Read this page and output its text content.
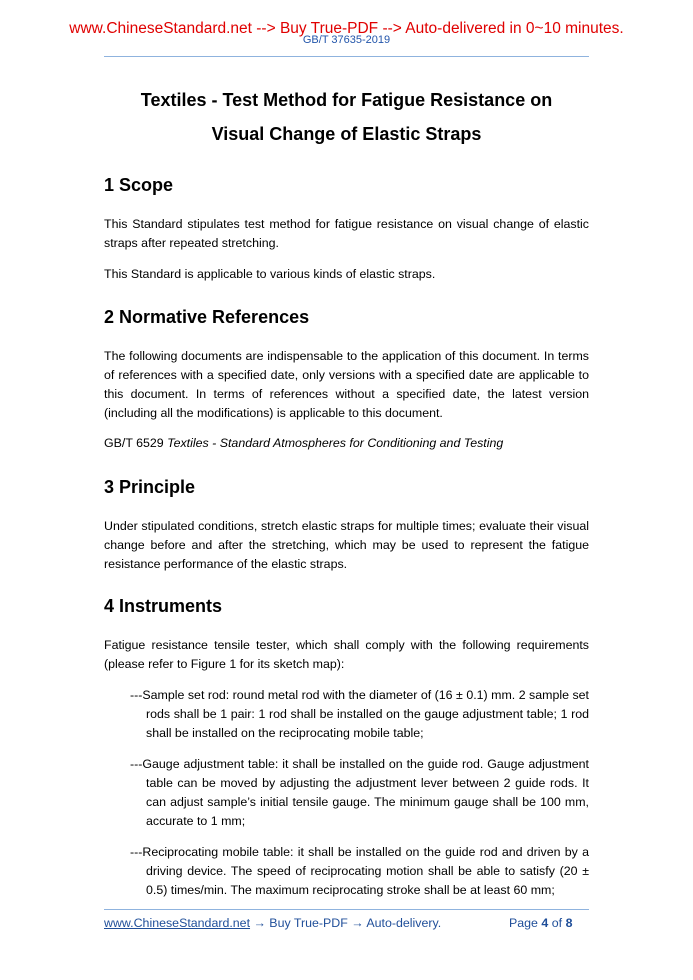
www.ChineseStandard.net --> Buy True-PDF --> Auto-delivered in 0~10 minutes.
GB/T 37635-2019
Textiles - Test Method for Fatigue Resistance on
Visual Change of Elastic Straps
1 Scope

This Standard stipulates test method for fatigue resistance on visual change of elastic straps after repeated stretching.

This Standard is applicable to various kinds of elastic straps.

2 Normative References

The following documents are indispensable to the application of this document. In terms of references with a specified date, only versions with a specified date are applicable to this document. In terms of references without a specified date, the latest version (including all the modifications) is applicable to this document.

GB/T 6529 Textiles - Standard Atmospheres for Conditioning and Testing

3 Principle

Under stipulated conditions, stretch elastic straps for multiple times; evaluate their visual change before and after the stretching, which may be used to represent the fatigue resistance performance of the elastic straps.

4 Instruments

Fatigue resistance tensile tester, which shall comply with the following requirements (please refer to Figure 1 for its sketch map):

---Sample set rod: round metal rod with the diameter of (16 ± 0.1) mm. 2 sample set rods shall be 1 pair: 1 rod shall be installed on the gauge adjustment table; 1 rod shall be installed on the reciprocating mobile table;

---Gauge adjustment table: it shall be installed on the guide rod. Gauge adjustment table can be moved by adjusting the adjustment lever between 2 guide rods. It can adjust sample’s initial tensile gauge. The minimum gauge shall be 100 mm, accurate to 1 mm;

---Reciprocating mobile table: it shall be installed on the guide rod and driven by a driving device. The speed of reciprocating motion shall be able to satisfy (20 ± 0.5) times/min. The maximum reciprocating stroke shall be at least 60 mm;

www.ChineseStandard.net → Buy True-PDF → Auto-delivery.	Page 4 of 8
